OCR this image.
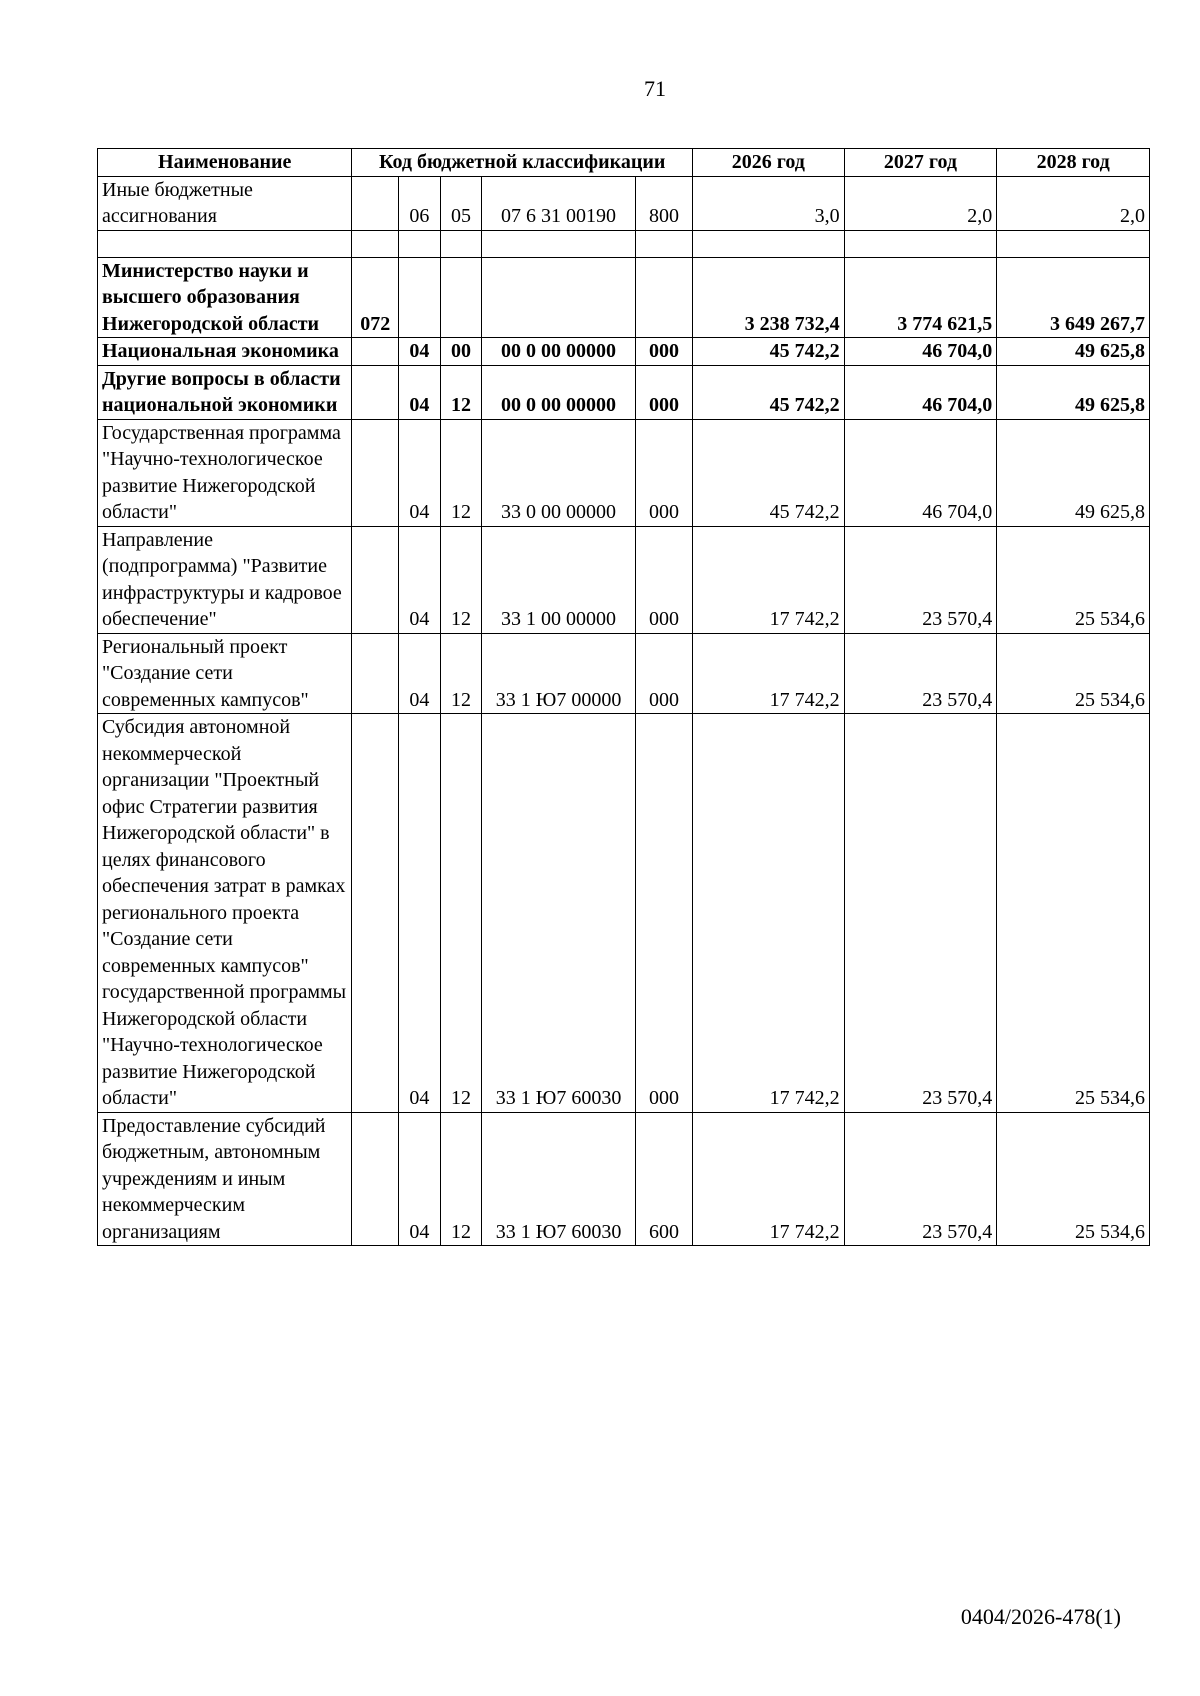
71
Наименование	Код бюджетной классификации					2026 год	2027 год	2028 год
Иные бюджетные ассигнования		06	05	07 6 31 00190	800	3,0	2,0	2,0

Министерство науки и высшего образования Нижегородской области	072					3 238 732,4	3 774 621,5	3 649 267,7
Национальная экономика		04	00	00 0 00 00000	000	45 742,2	46 704,0	49 625,8
Другие вопросы в области национальной экономики		04	12	00 0 00 00000	000	45 742,2	46 704,0	49 625,8
Государственная программа "Научно-технологическое развитие Нижегородской области"		04	12	33 0 00 00000	000	45 742,2	46 704,0	49 625,8
Направление (подпрограмма) "Развитие инфраструктуры и кадровое обеспечение"		04	12	33 1 00 00000	000	17 742,2	23 570,4	25 534,6
Региональный проект "Создание сети современных кампусов"		04	12	33 1 Ю7 00000	000	17 742,2	23 570,4	25 534,6
Субсидия автономной некоммерческой организации "Проектный офис Стратегии развития Нижегородской области" в целях финансового обеспечения затрат в рамках регионального проекта "Создание сети современных кампусов" государственной программы Нижегородской области "Научно-технологическое развитие Нижегородской области"		04	12	33 1 Ю7 60030	000	17 742,2	23 570,4	25 534,6
Предоставление субсидий бюджетным, автономным учреждениям и иным некоммерческим организациям		04	12	33 1 Ю7 60030	600	17 742,2	23 570,4	25 534,6
0404/2026-478(1)
